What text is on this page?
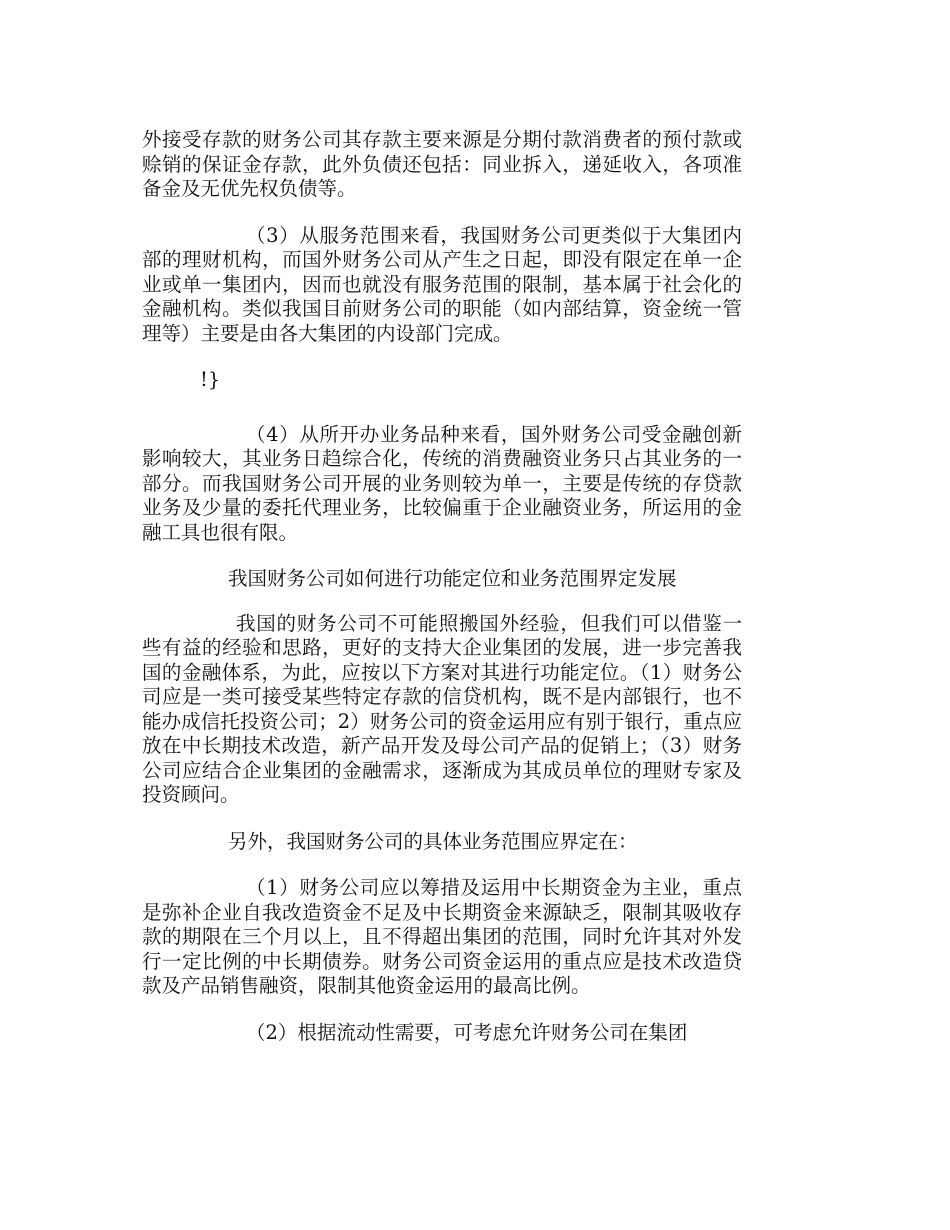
外接受存款的财务公司其存款主要来源是分期付款消费者的预付款或赊销的保证金存款，此外负债还包括：同业拆入，递延收入，各项准备金及无优先权负债等。

（3）从服务范围来看，我国财务公司更类似于大集团内部的理财机构，而国外财务公司从产生之日起，即没有限定在单一企业或单一集团内，因而也就没有服务范围的限制，基本属于社会化的金融机构。类似我国目前财务公司的职能（如内部结算，资金统一管理等）主要是由各大集团的内设部门完成。

!}

（4）从所开办业务品种来看，国外财务公司受金融创新影响较大，其业务日趋综合化，传统的消费融资业务只占其业务的一部分。而我国财务公司开展的业务则较为单一，主要是传统的存贷款业务及少量的委托代理业务，比较偏重于企业融资业务，所运用的金融工具也很有限。

我国财务公司如何进行功能定位和业务范围界定发展

我国的财务公司不可能照搬国外经验，但我们可以借鉴一些有益的经验和思路，更好的支持大企业集团的发展，进一步完善我国的金融体系，为此，应按以下方案对其进行功能定位。（1）财务公司应是一类可接受某些特定存款的信贷机构，既不是内部银行，也不能办成信托投资公司；2）财务公司的资金运用应有别于银行，重点应放在中长期技术改造，新产品开发及母公司产品的促销上；（3）财务公司应结合企业集团的金融需求，逐渐成为其成员单位的理财专家及投资顾问。

另外，我国财务公司的具体业务范围应界定在：

（1）财务公司应以筹措及运用中长期资金为主业，重点是弥补企业自我改造资金不足及中长期资金来源缺乏，限制其吸收存款的期限在三个月以上，且不得超出集团的范围，同时允许其对外发行一定比例的中长期债券。财务公司资金运用的重点应是技术改造贷款及产品销售融资，限制其他资金运用的最高比例。

（2）根据流动性需要，可考虑允许财务公司在集团
